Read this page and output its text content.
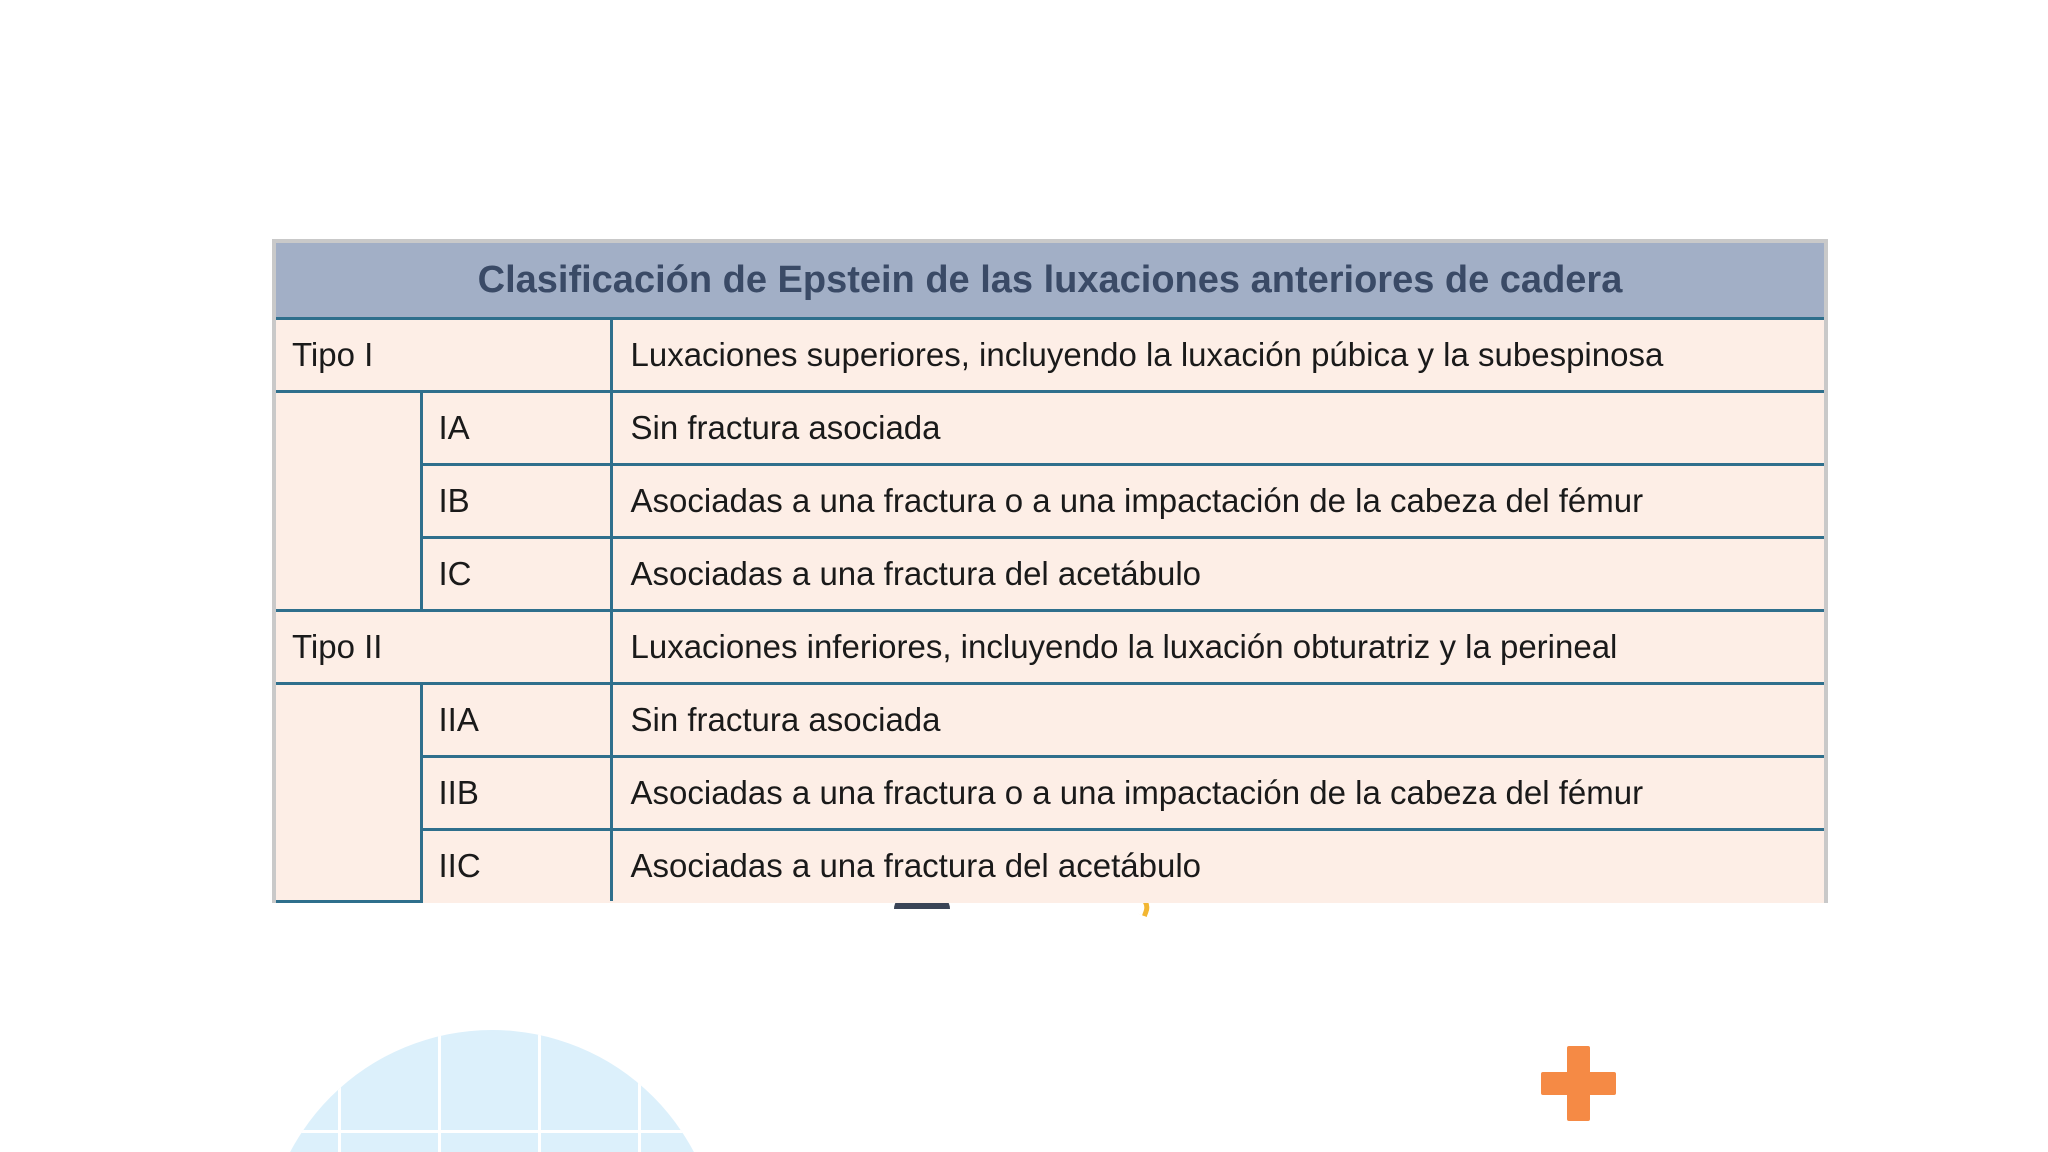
Clasificación de Epstein de las luxaciones anteriores de cadera		
Tipo I		Luxaciones superiores, incluyendo la luxación púbica y la subespinosa
	IA	Sin fractura asociada
	IB	Asociadas a una fractura o a una impactación de la cabeza del fémur
	IC	Asociadas a una fractura del acetábulo
Tipo II		Luxaciones inferiores, incluyendo la luxación obturatriz y la perineal
	IIA	Sin fractura asociada
	IIB	Asociadas a una fractura o a una impactación de la cabeza del fémur
	IIC	Asociadas a una fractura del acetábulo
